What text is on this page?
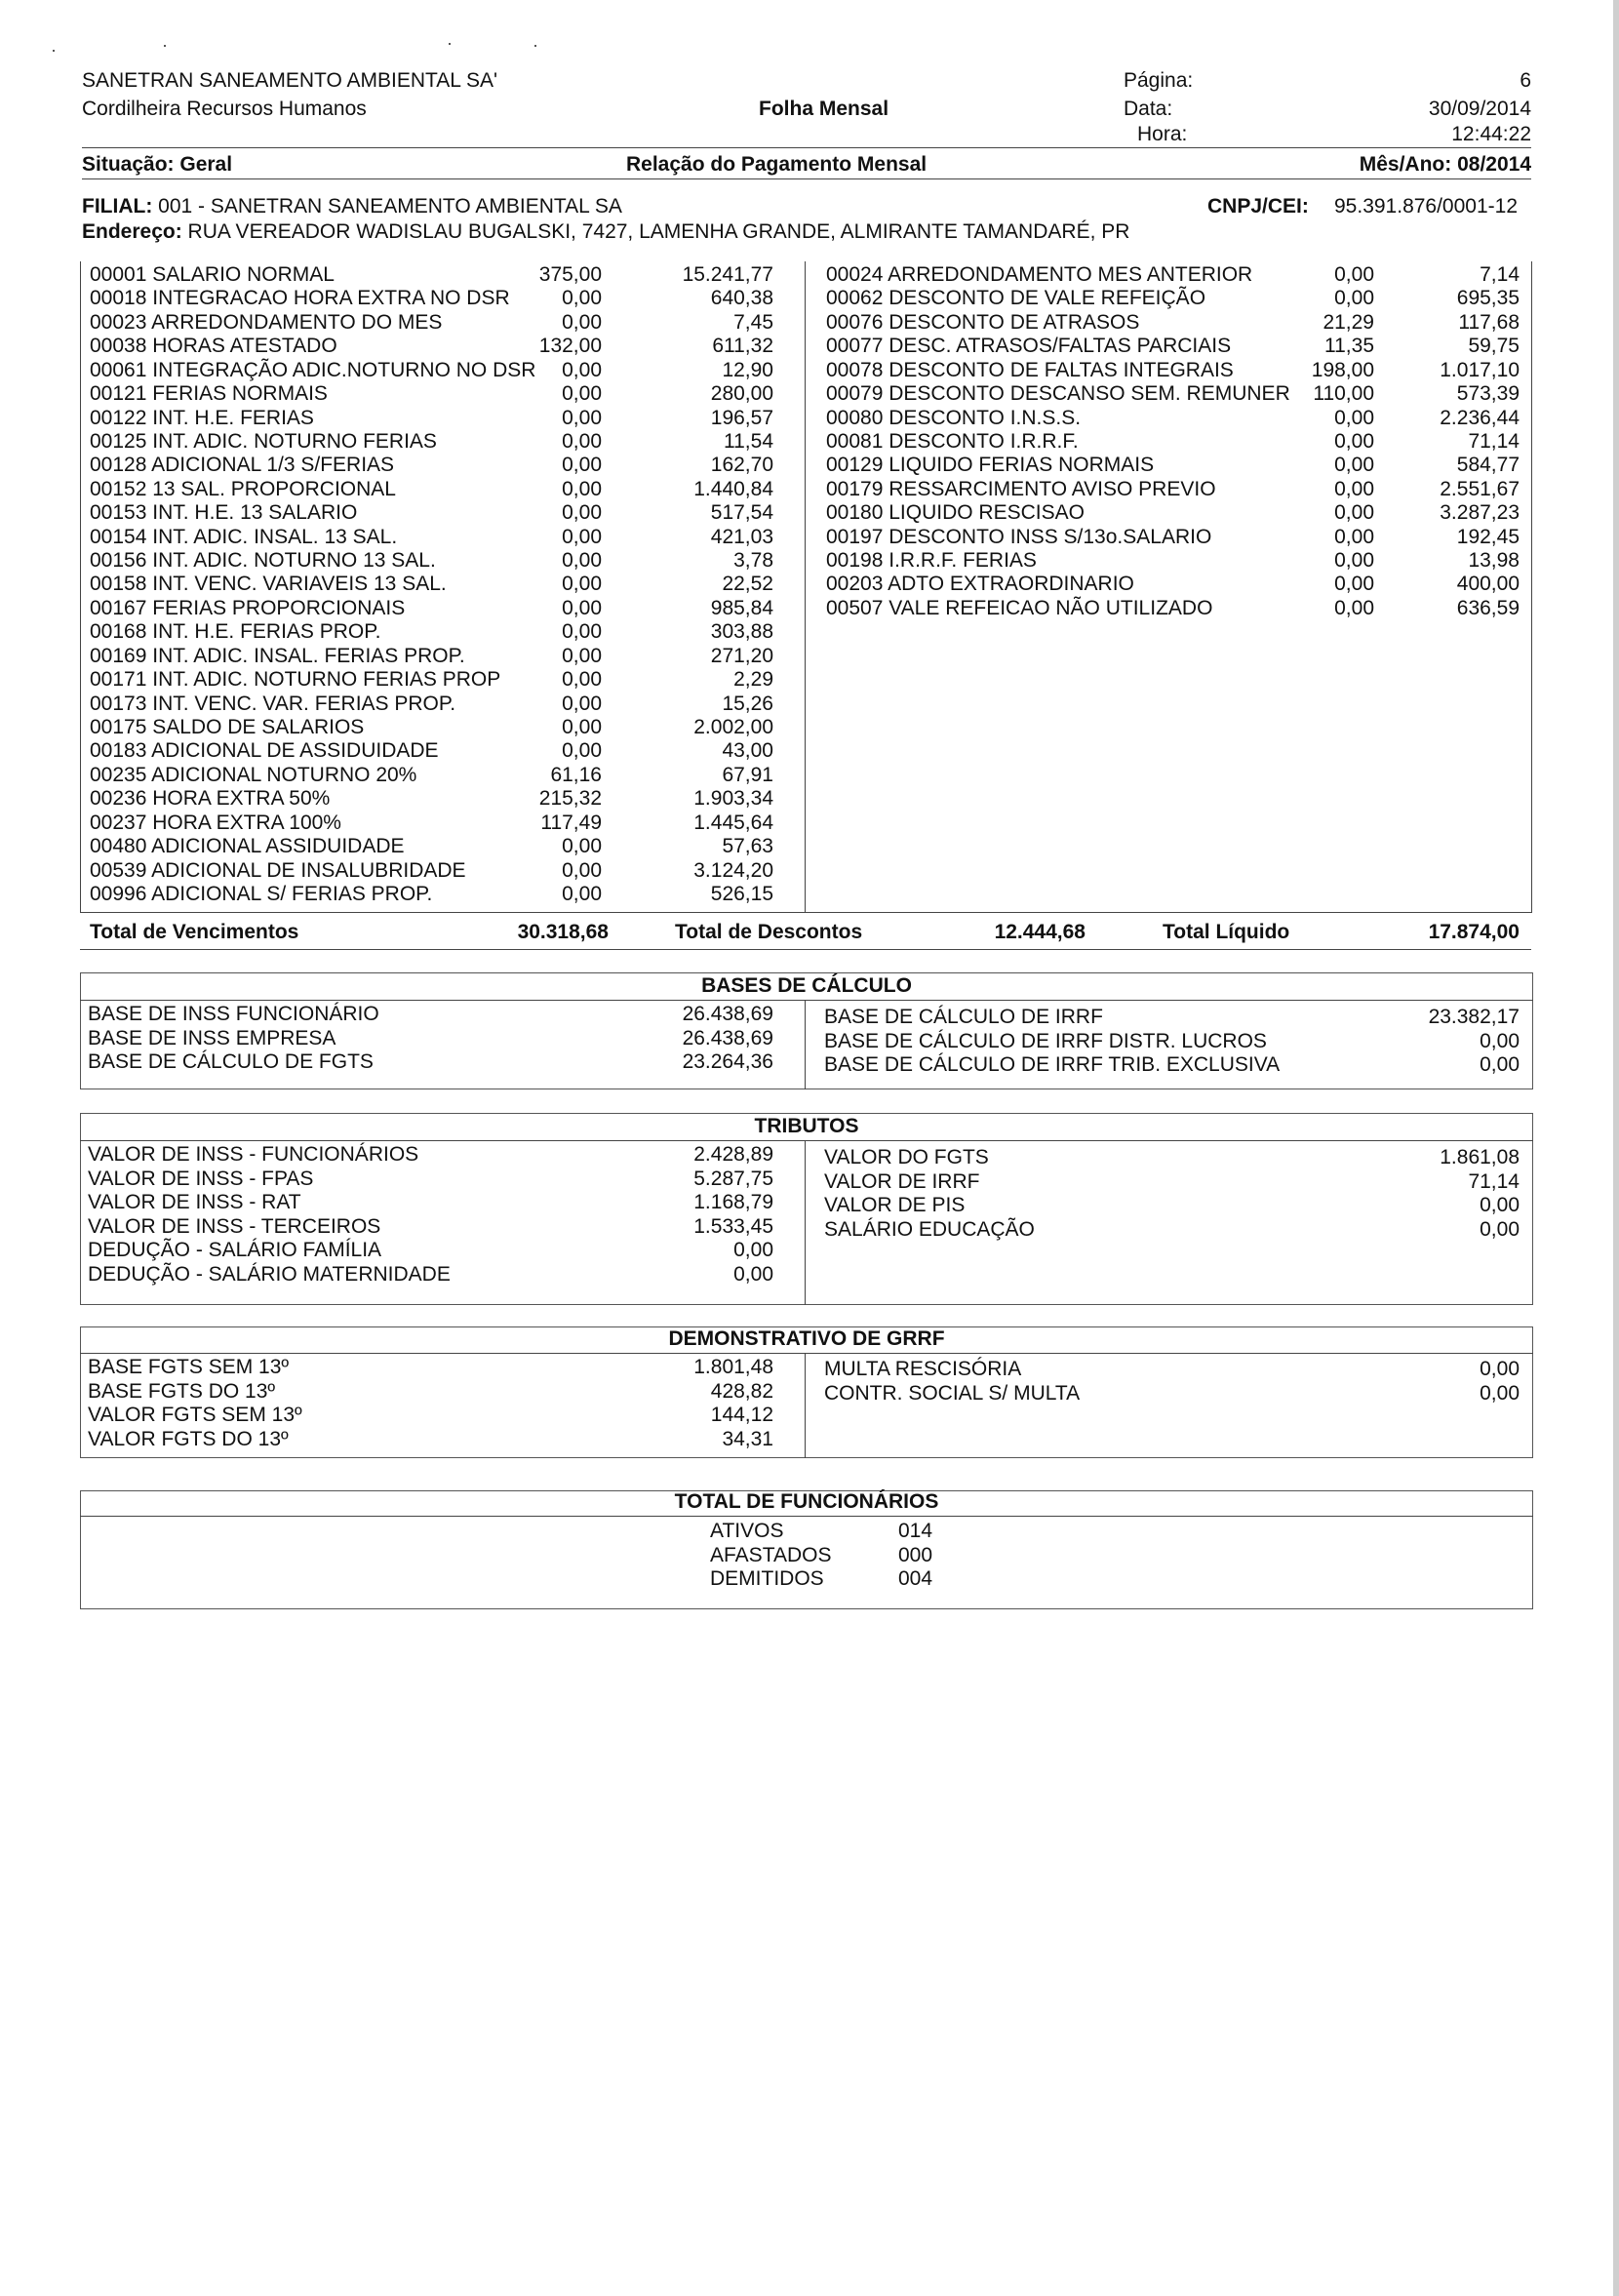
SANETRAN SANEAMENTO AMBIENTAL SA'
Cordilheira Recursos Humanos	Folha Mensal
Página:	6
Data:	30/09/2014
Hora:	12:44:22
Situação: Geral	Relação do Pagamento Mensal	Mês/Ano: 08/2014
FILIAL: 001 - SANETRAN SANEAMENTO AMBIENTAL SA	CNPJ/CEI: 95.391.876/0001-12
Endereço: RUA VEREADOR WADISLAU BUGALSKI, 7427, LAMENHA GRANDE, ALMIRANTE TAMANDARÉ, PR
00001 SALARIO NORMAL	375,00	15.241,77
00018 INTEGRACAO HORA EXTRA NO DSR	0,00	640,38
00023 ARREDONDAMENTO DO MES	0,00	7,45
00038 HORAS ATESTADO	132,00	611,32
00061 INTEGRAÇÃO ADIC.NOTURNO NO DSR 0,00	12,90
00121 FERIAS NORMAIS	0,00	280,00
00122 INT. H.E. FERIAS	0,00	196,57
00125 INT. ADIC. NOTURNO FERIAS	0,00	11,54
00128 ADICIONAL 1/3 S/FERIAS	0,00	162,70
00152 13 SAL. PROPORCIONAL	0,00	1.440,84
00153 INT. H.E. 13 SALARIO	0,00	517,54
00154 INT. ADIC. INSAL. 13 SAL.	0,00	421,03
00156 INT. ADIC. NOTURNO 13 SAL.	0,00	3,78
00158 INT. VENC. VARIAVEIS 13 SAL.	0,00	22,52
00167 FERIAS PROPORCIONAIS	0,00	985,84
00168 INT. H.E. FERIAS PROP.	0,00	303,88
00169 INT. ADIC. INSAL. FERIAS PROP.	0,00	271,20
00171 INT. ADIC. NOTURNO FERIAS PROP	0,00	2,29
00173 INT. VENC. VAR. FERIAS PROP.	0,00	15,26
00175 SALDO DE SALARIOS	0,00	2.002,00
00183 ADICIONAL DE ASSIDUIDADE	0,00	43,00
00235 ADICIONAL NOTURNO 20%	61,16	67,91
00236 HORA EXTRA 50%	215,32	1.903,34
00237 HORA EXTRA 100%	117,49	1.445,64
00480 ADICIONAL ASSIDUIDADE	0,00	57,63
00539 ADICIONAL DE INSALUBRIDADE	0,00	3.124,20
00996 ADICIONAL S/ FERIAS PROP.	0,00	526,15
00024 ARREDONDAMENTO MES ANTERIOR	0,00	7,14
00062 DESCONTO DE VALE REFEIÇÃO	0,00	695,35
00076 DESCONTO DE ATRASOS	21,29	117,68
00077 DESC. ATRASOS/FALTAS PARCIAIS	11,35	59,75
00078 DESCONTO DE FALTAS INTEGRAIS	198,00	1.017,10
00079 DESCONTO DESCANSO SEM. REMUNER 110,00	573,39
00080 DESCONTO I.N.S.S.	0,00	2.236,44
00081 DESCONTO I.R.R.F.	0,00	71,14
00129 LIQUIDO FERIAS NORMAIS	0,00	584,77
00179 RESSARCIMENTO AVISO PREVIO	0,00	2.551,67
00180 LIQUIDO RESCISAO	0,00	3.287,23
00197 DESCONTO INSS S/13o.SALARIO	0,00	192,45
00198 I.R.R.F. FERIAS	0,00	13,98
00203 ADTO EXTRAORDINARIO	0,00	400,00
00507 VALE REFEICAO NÃO UTILIZADO	0,00	636,59
Total de Vencimentos	30.318,68	Total de Descontos	12.444,68	Total Líquido	17.874,00
BASES DE CÁLCULO
BASE DE INSS FUNCIONÁRIO	26.438,69
BASE DE INSS EMPRESA	26.438,69
BASE DE CÁLCULO DE FGTS	23.264,36
BASE DE CÁLCULO DE IRRF	23.382,17
BASE DE CÁLCULO DE IRRF DISTR. LUCROS	0,00
BASE DE CÁLCULO DE IRRF TRIB. EXCLUSIVA	0,00
TRIBUTOS
VALOR DE INSS - FUNCIONÁRIOS	2.428,89
VALOR DE INSS - FPAS	5.287,75
VALOR DE INSS - RAT	1.168,79
VALOR DE INSS - TERCEIROS	1.533,45
DEDUÇÃO - SALÁRIO FAMÍLIA	0,00
DEDUÇÃO - SALÁRIO MATERNIDADE	0,00
VALOR DO FGTS	1.861,08
VALOR DE IRRF	71,14
VALOR DE PIS	0,00
SALÁRIO EDUCAÇÃO	0,00
DEMONSTRATIVO DE GRRF
BASE FGTS SEM 13º	1.801,48
BASE FGTS DO 13º	428,82
VALOR FGTS SEM 13º	144,12
VALOR FGTS DO 13º	34,31
MULTA RESCISÓRIA	0,00
CONTR. SOCIAL S/ MULTA	0,00
TOTAL DE FUNCIONÁRIOS
ATIVOS	014
AFASTADOS	000
DEMITIDOS	004
